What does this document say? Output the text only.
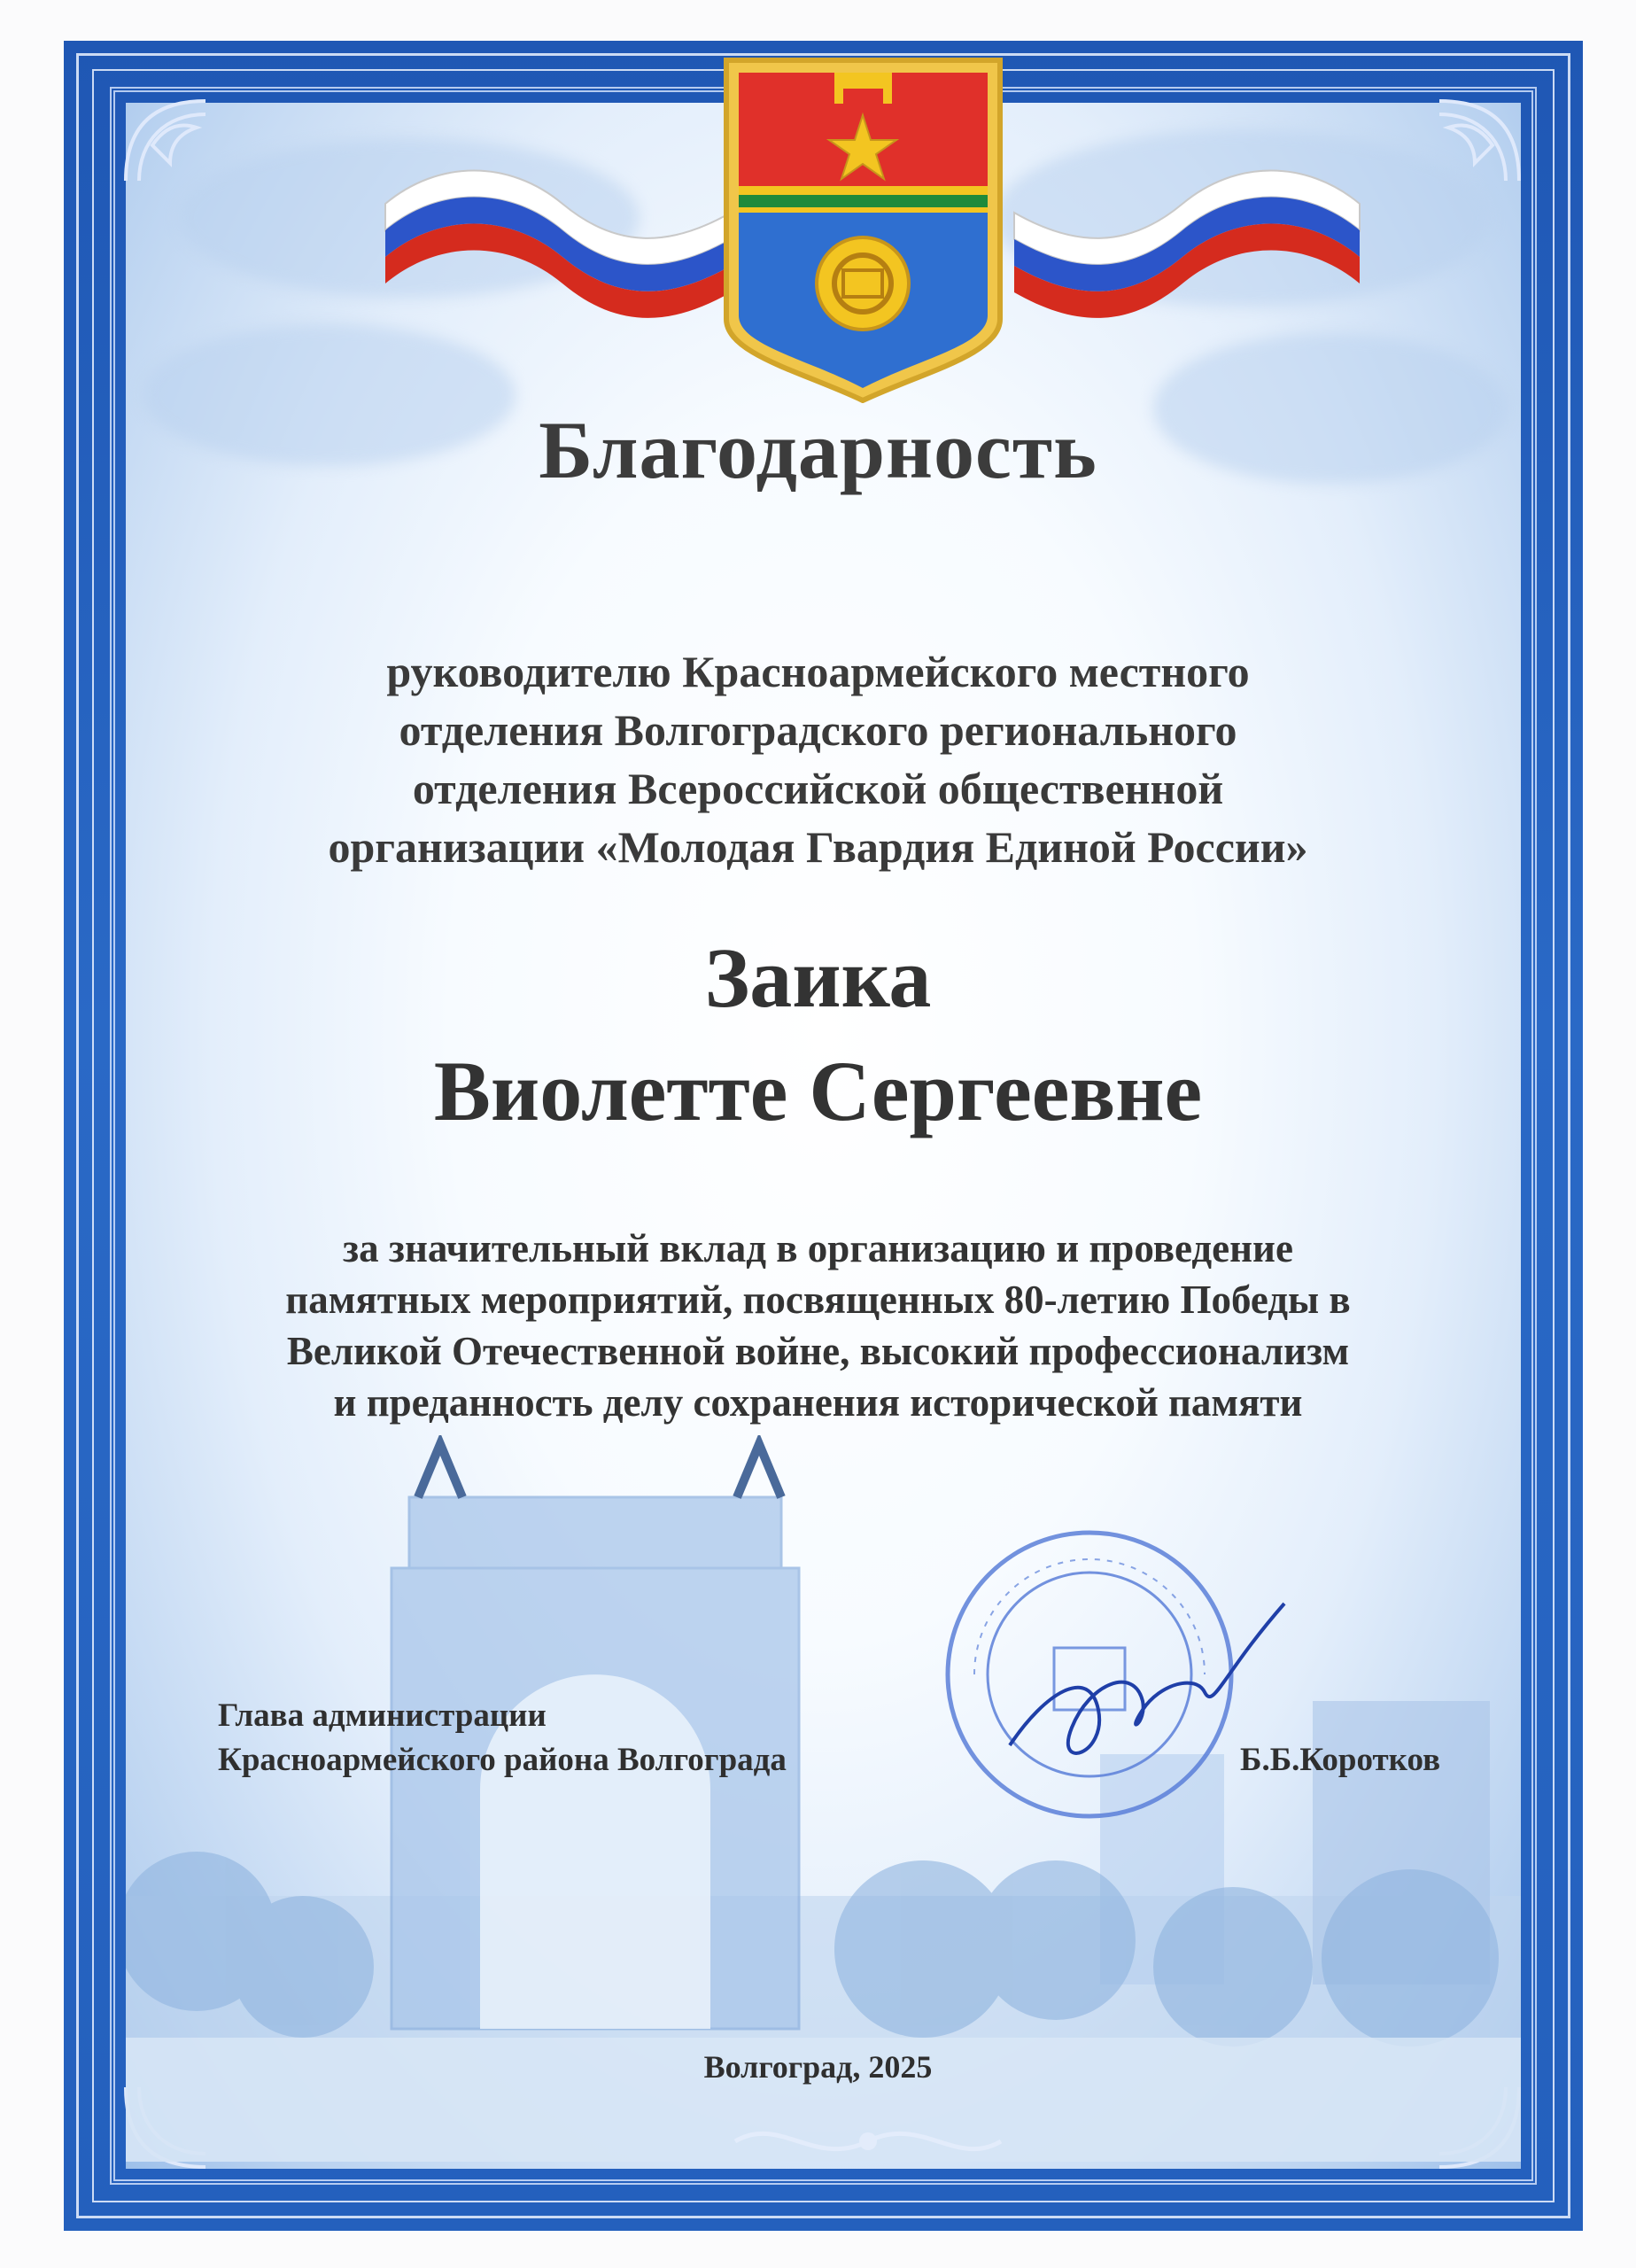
Благодарность
руководителю Красноармейского местного
отделения Волгоградского регионального
отделения Всероссийской общественной
организации «Молодая Гвардия Единой России»
Заика
Виолетте Сергеевне
за значительный вклад в организацию и проведение
памятных мероприятий, посвященных 80-летию Победы в
Великой Отечественной войне, высокий профессионализм
и преданность делу сохранения исторической памяти
Глава администрации
Красноармейского района Волгограда	Б.Б.Коротков
Волгоград, 2025
